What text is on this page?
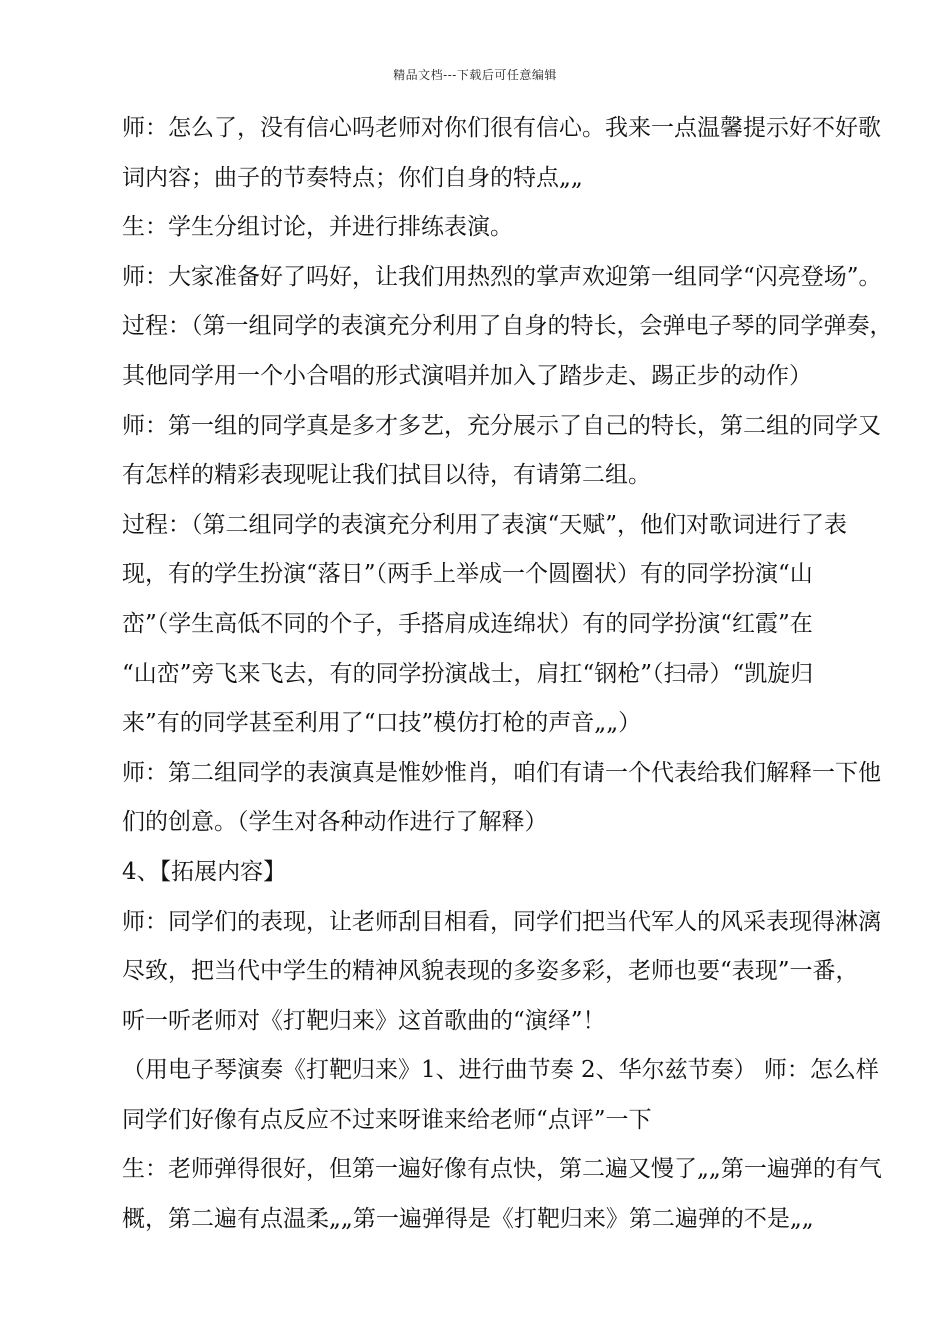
精品文档---下载后可任意编辑
师：怎么了，没有信心吗老师对你们很有信心。我来一点温馨提示好不好歌
词内容；曲子的节奏特点；你们自身的特点„„
生：学生分组讨论，并进行排练表演。
师：大家准备好了吗好，让我们用热烈的掌声欢迎第一组同学“闪亮登场”。
过程：（第一组同学的表演充分利用了自身的特长，会弹电子琴的同学弹奏，
其他同学用一个小合唱的形式演唱并加入了踏步走、踢正步的动作）
师：第一组的同学真是多才多艺，充分展示了自己的特长，第二组的同学又
有怎样的精彩表现呢让我们拭目以待，有请第二组。
过程：（第二组同学的表演充分利用了表演“天赋”，他们对歌词进行了表
现，有的学生扮演“落日”（两手上举成一个圆圈状）有的同学扮演“山
峦”（学生高低不同的个子，手搭肩成连绵状）有的同学扮演“红霞”在
“山峦”旁飞来飞去，有的同学扮演战士，肩扛“钢枪”（扫帚）“凯旋归
来”有的同学甚至利用了“口技”模仿打枪的声音„„）
师：第二组同学的表演真是惟妙惟肖，咱们有请一个代表给我们解释一下他
们的创意。（学生对各种动作进行了解释）
4、【拓展内容】
师：同学们的表现，让老师刮目相看，同学们把当代军人的风采表现得淋漓
尽致，把当代中学生的精神风貌表现的多姿多彩，老师也要“表现”一番，
听一听老师对《打靶归来》这首歌曲的“演绎”！
（用电子琴演奏《打靶归来》1、进行曲节奏 2、华尔兹节奏） 师：怎么样
同学们好像有点反应不过来呀谁来给老师“点评”一下
生：老师弹得很好，但第一遍好像有点快，第二遍又慢了„„第一遍弹的有气
概，第二遍有点温柔„„第一遍弹得是《打靶归来》第二遍弹的不是„„
